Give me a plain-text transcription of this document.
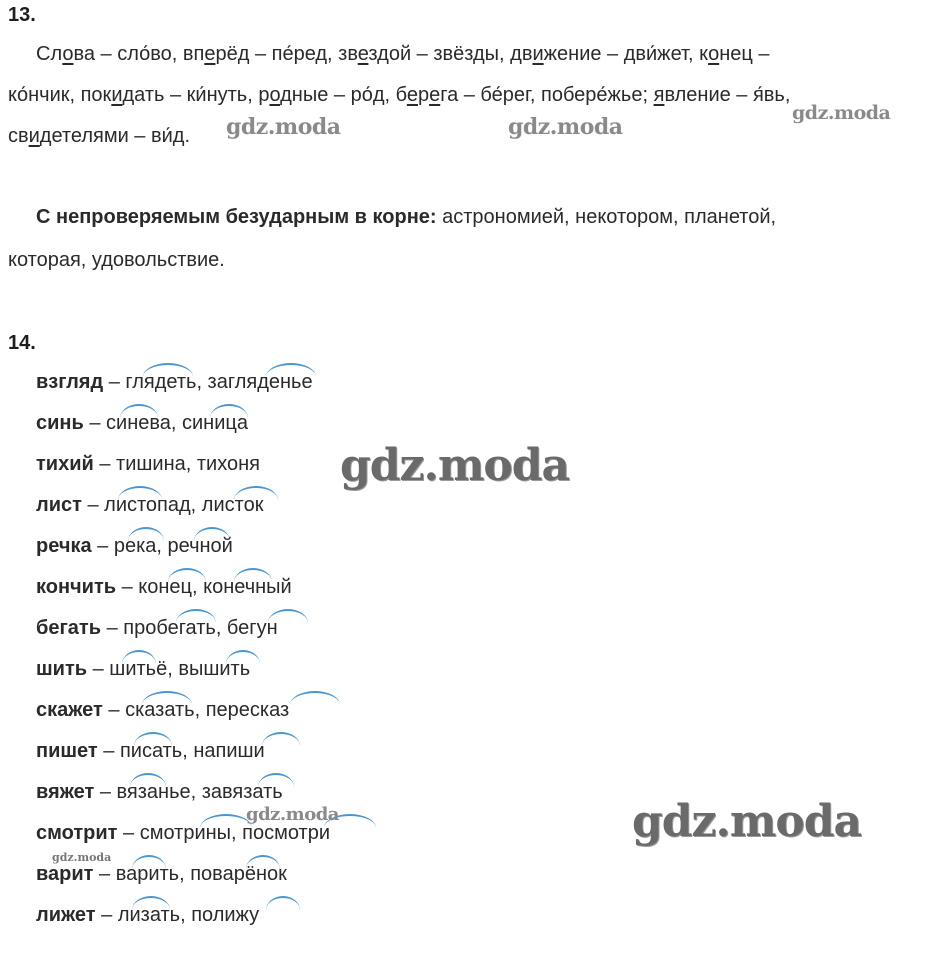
13.
Слова – сло́во, вперёд – пе́ред, звездой – звёзды, движение – дви́жет, конец –
ко́нчик, покидать – ки́нуть, родные – ро́д, берега – бе́рег, побере́жье; явление – я́вь,
свидетелями – ви́д.
С непроверяемым безударным в корне: астрономией, некотором, планетой,
которая, удовольствие.
14.
взгляд – глядеть, загляденье
синь – синева, синица
тихий – тишина, тихоня
лист – листопад, листок
речка – река, речной
кончить – конец, конечный
бегать – пробегать, бегун
шить – шитьё, вышить
скажет – сказать, пересказ
пишет – писать, напиши
вяжет – вязанье, завязать
смотрит – смотрины, посмотри
варит – варить, поварёнок
лижет – лизать, полижу
gdz.moda	gdz.moda
gdz.moda
gdz.moda
gdz.moda
gdz.moda
gdz.moda
